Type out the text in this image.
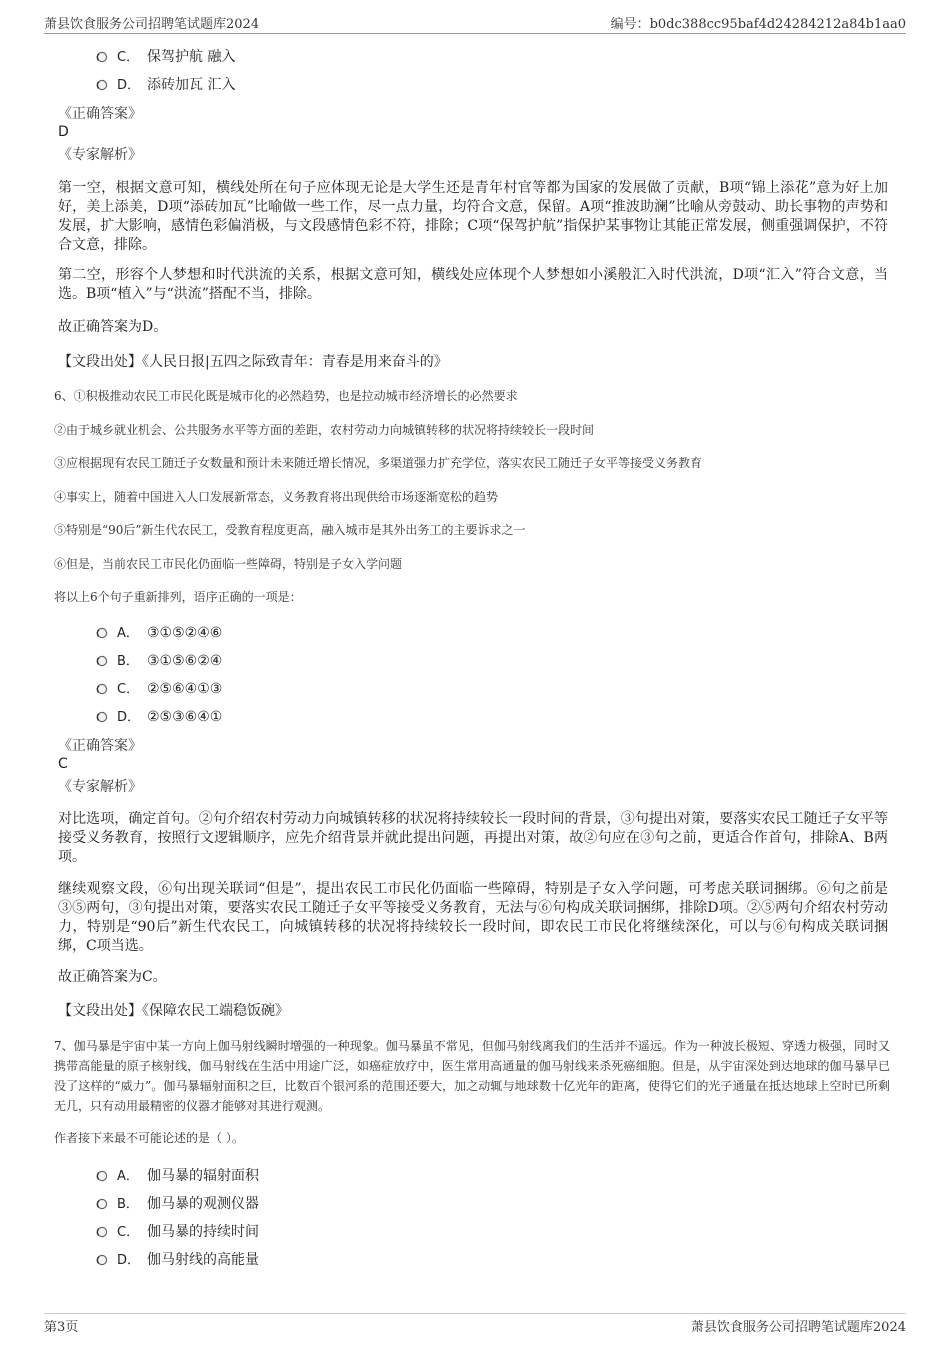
萧县饮食服务公司招聘笔试题库2024	编号：b0dc388cc95baf4d24284212a84b1aa0
C． 保驾护航 融入
D． 添砖加瓦 汇入
《正确答案》
D
《专家解析》
第一空，根据文意可知，横线处所在句子应体现无论是大学生还是青年村官等都为国家的发展做了贡献，B项“锦上添花”意为好上加好，美上添美，D项“添砖加瓦”比喻做一些工作，尽一点力量，均符合文意，保留。A项“推波助澜”比喻从旁鼓动、助长事物的声势和发展，扩大影响，感情色彩偏消极，与文段感情色彩不符，排除；C项“保驾护航”指保护某事物让其能正常发展，侧重强调保护，不符合文意，排除。
第二空，形容个人梦想和时代洪流的关系，根据文意可知，横线处应体现个人梦想如小溪般汇入时代洪流，D项“汇入”符合文意，当选。B项“植入”与“洪流”搭配不当，排除。
故正确答案为D。
【文段出处】《人民日报|五四之际致青年：青春是用来奋斗的》
6、①积极推动农民工市民化既是城市化的必然趋势，也是拉动城市经济增长的必然要求
②由于城乡就业机会、公共服务水平等方面的差距，农村劳动力向城镇转移的状况将持续较长一段时间
③应根据现有农民工随迁子女数量和预计未来随迁增长情况，多渠道强力扩充学位，落实农民工随迁子女平等接受义务教育
④事实上，随着中国进入人口发展新常态，义务教育将出现供给市场逐渐宽松的趋势
⑤特别是“90后”新生代农民工，受教育程度更高，融入城市是其外出务工的主要诉求之一
⑥但是，当前农民工市民化仍面临一些障碍，特别是子女入学问题
将以上6个句子重新排列，语序正确的一项是：
A． ③①⑤②④⑥
B． ③①⑤⑥②④
C． ②⑤⑥④①③
D． ②⑤③⑥④①
《正确答案》
C
《专家解析》
对比选项，确定首句。②句介绍农村劳动力向城镇转移的状况将持续较长一段时间的背景，③句提出对策，要落实农民工随迁子女平等接受义务教育，按照行文逻辑顺序，应先介绍背景并就此提出问题，再提出对策，故②句应在③句之前，更适合作首句，排除A、B两项。
继续观察文段，⑥句出现关联词“但是”，提出农民工市民化仍面临一些障碍，特别是子女入学问题，可考虑关联词捆绑。⑥句之前是③⑤两句，③句提出对策，要落实农民工随迁子女平等接受义务教育，无法与⑥句构成关联词捆绑，排除D项。②⑤两句介绍农村劳动力，特别是“90后”新生代农民工，向城镇转移的状况将持续较长一段时间，即农民工市民化将继续深化，可以与⑥句构成关联词捆绑，C项当选。
故正确答案为C。
【文段出处】《保障农民工端稳饭碗》
7、伽马暴是宇宙中某一方向上伽马射线瞬时增强的一种现象。伽马暴虽不常见，但伽马射线离我们的生活并不遥远。作为一种波长极短、穿透力极强，同时又携带高能量的原子核射线，伽马射线在生活中用途广泛，如癌症放疗中，医生常用高通量的伽马射线来杀死癌细胞。但是，从宇宙深处到达地球的伽马暴早已没了这样的“威力”。伽马暴辐射面积之巨，比数百个银河系的范围还要大，加之动辄与地球数十亿光年的距离，使得它们的光子通量在抵达地球上空时已所剩无几，只有动用最精密的仪器才能够对其进行观测。
作者接下来最不可能论述的是（ ）。
A． 伽马暴的辐射面积
B． 伽马暴的观测仪器
C． 伽马暴的持续时间
D． 伽马射线的高能量
第3页	萧县饮食服务公司招聘笔试题库2024
